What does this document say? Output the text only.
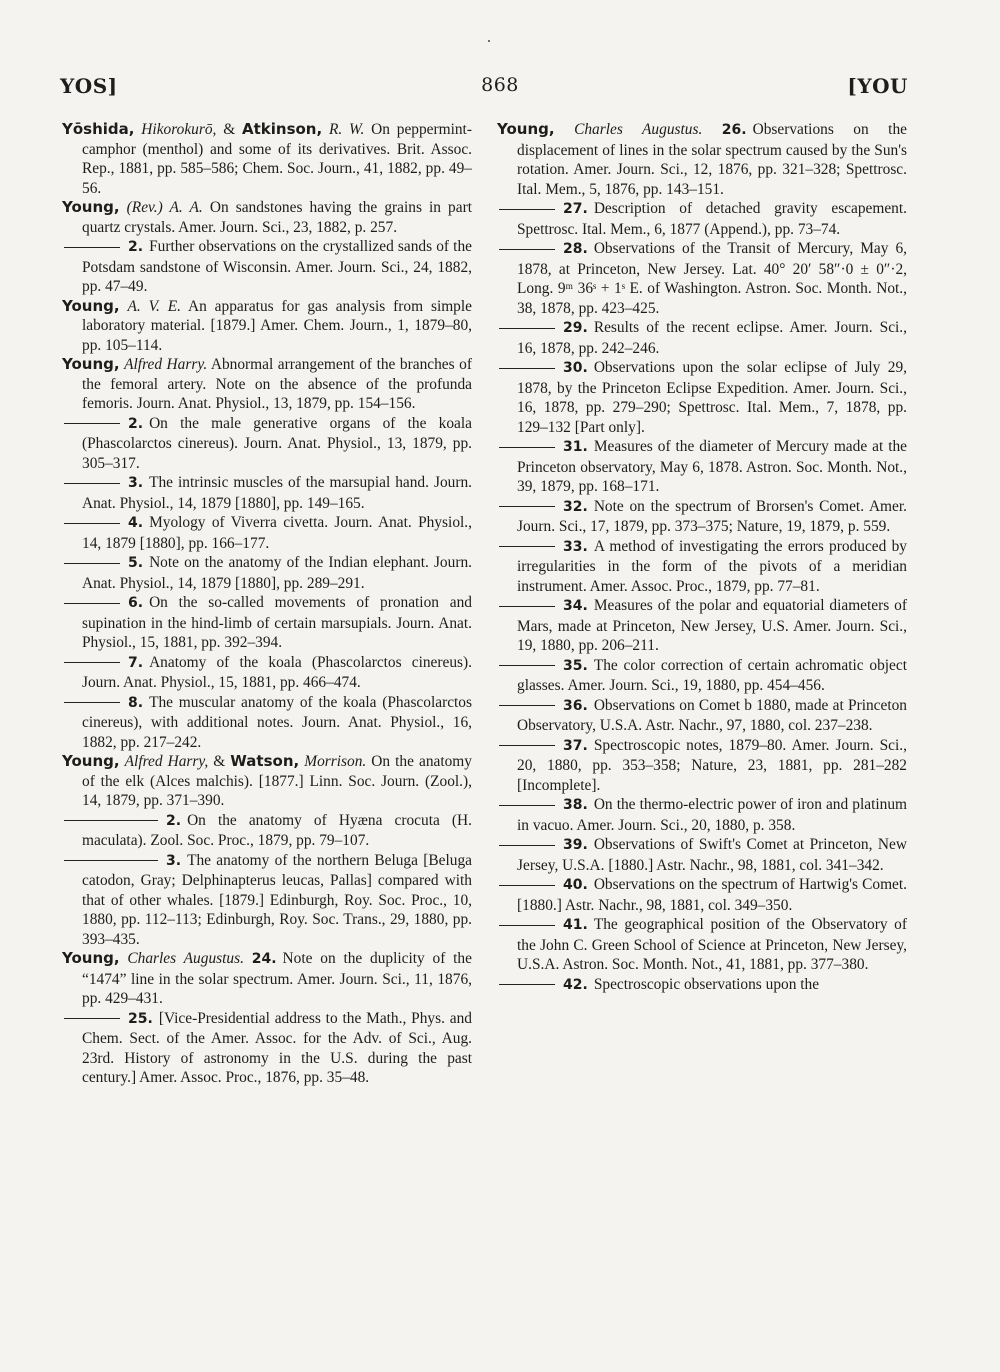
YOS]	868	[YOU

Yōshida, Hikorokurō, & Atkinson, R. W. On peppermint-camphor (menthol) and some of its derivatives. Brit. Assoc. Rep., 1881, pp. 585–586; Chem. Soc. Journ., 41, 1882, pp. 49–56.

Young, (Rev.) A. A. On sandstones having the grains in part quartz crystals. Amer. Journ. Sci., 23, 1882, p. 257.

2. Further observations on the crystallized sands of the Potsdam sandstone of Wisconsin. Amer. Journ. Sci., 24, 1882, pp. 47–49.

Young, A. V. E. An apparatus for gas analysis from simple laboratory material. [1879.] Amer. Chem. Journ., 1, 1879–80, pp. 105–114.

Young, Alfred Harry. Abnormal arrangement of the branches of the femoral artery. Note on the absence of the profunda femoris. Journ. Anat. Physiol., 13, 1879, pp. 154–156.

2. On the male generative organs of the koala (Phascolarctos cinereus). Journ. Anat. Physiol., 13, 1879, pp. 305–317.

3. The intrinsic muscles of the marsupial hand. Journ. Anat. Physiol., 14, 1879 [1880], pp. 149–165.

4. Myology of Viverra civetta. Journ. Anat. Physiol., 14, 1879 [1880], pp. 166–177.

5. Note on the anatomy of the Indian elephant. Journ. Anat. Physiol., 14, 1879 [1880], pp. 289–291.

6. On the so-called movements of pronation and supination in the hind-limb of certain marsupials. Journ. Anat. Physiol., 15, 1881, pp. 392–394.

7. Anatomy of the koala (Phascolarctos cinereus). Journ. Anat. Physiol., 15, 1881, pp. 466–474.

8. The muscular anatomy of the koala (Phascolarctos cinereus), with additional notes. Journ. Anat. Physiol., 16, 1882, pp. 217–242.

Young, Alfred Harry, & Watson, Morrison. On the anatomy of the elk (Alces malchis). [1877.] Linn. Soc. Journ. (Zool.), 14, 1879, pp. 371–390.

2. On the anatomy of Hyæna crocuta (H. maculata). Zool. Soc. Proc., 1879, pp. 79–107.

3. The anatomy of the northern Beluga [Beluga catodon, Gray; Delphinapterus leucas, Pallas] compared with that of other whales. [1879.] Edinburgh, Roy. Soc. Proc., 10, 1880, pp. 112–113; Edinburgh, Roy. Soc. Trans., 29, 1880, pp. 393–435.

Young, Charles Augustus. 24. Note on the duplicity of the “1474” line in the solar spectrum. Amer. Journ. Sci., 11, 1876, pp. 429–431.

25. [Vice-Presidential address to the Math., Phys. and Chem. Sect. of the Amer. Assoc. for the Adv. of Sci., Aug. 23rd. History of astronomy in the U.S. during the past century.] Amer. Assoc. Proc., 1876, pp. 35–48.

Young, Charles Augustus. 26. Observations on the displacement of lines in the solar spectrum caused by the Sun's rotation. Amer. Journ. Sci., 12, 1876, pp. 321–328; Spettrosc. Ital. Mem., 5, 1876, pp. 143–151.

27. Description of detached gravity escapement. Spettrosc. Ital. Mem., 6, 1877 (Append.), pp. 73–74.

28. Observations of the Transit of Mercury, May 6, 1878, at Princeton, New Jersey. Lat. 40° 20′ 58″·0 ± 0″·2, Long. 9ᵐ 36ˢ + 1ˢ E. of Washington. Astron. Soc. Month. Not., 38, 1878, pp. 423–425.

29. Results of the recent eclipse. Amer. Journ. Sci., 16, 1878, pp. 242–246.

30. Observations upon the solar eclipse of July 29, 1878, by the Princeton Eclipse Expedition. Amer. Journ. Sci., 16, 1878, pp. 279–290; Spettrosc. Ital. Mem., 7, 1878, pp. 129–132 [Part only].

31. Measures of the diameter of Mercury made at the Princeton observatory, May 6, 1878. Astron. Soc. Month. Not., 39, 1879, pp. 168–171.

32. Note on the spectrum of Brorsen's Comet. Amer. Journ. Sci., 17, 1879, pp. 373–375; Nature, 19, 1879, p. 559.

33. A method of investigating the errors produced by irregularities in the form of the pivots of a meridian instrument. Amer. Assoc. Proc., 1879, pp. 77–81.

34. Measures of the polar and equatorial diameters of Mars, made at Princeton, New Jersey, U.S. Amer. Journ. Sci., 19, 1880, pp. 206–211.

35. The color correction of certain achromatic object glasses. Amer. Journ. Sci., 19, 1880, pp. 454–456.

36. Observations on Comet b 1880, made at Princeton Observatory, U.S.A. Astr. Nachr., 97, 1880, col. 237–238.

37. Spectroscopic notes, 1879–80. Amer. Journ. Sci., 20, 1880, pp. 353–358; Nature, 23, 1881, pp. 281–282 [Incomplete].

38. On the thermo-electric power of iron and platinum in vacuo. Amer. Journ. Sci., 20, 1880, p. 358.

39. Observations of Swift's Comet at Princeton, New Jersey, U.S.A. [1880.] Astr. Nachr., 98, 1881, col. 341–342.

40. Observations on the spectrum of Hartwig's Comet. [1880.] Astr. Nachr., 98, 1881, col. 349–350.

41. The geographical position of the Observatory of the John C. Green School of Science at Princeton, New Jersey, U.S.A. Astron. Soc. Month. Not., 41, 1881, pp. 377–380.

42. Spectroscopic observations upon the
